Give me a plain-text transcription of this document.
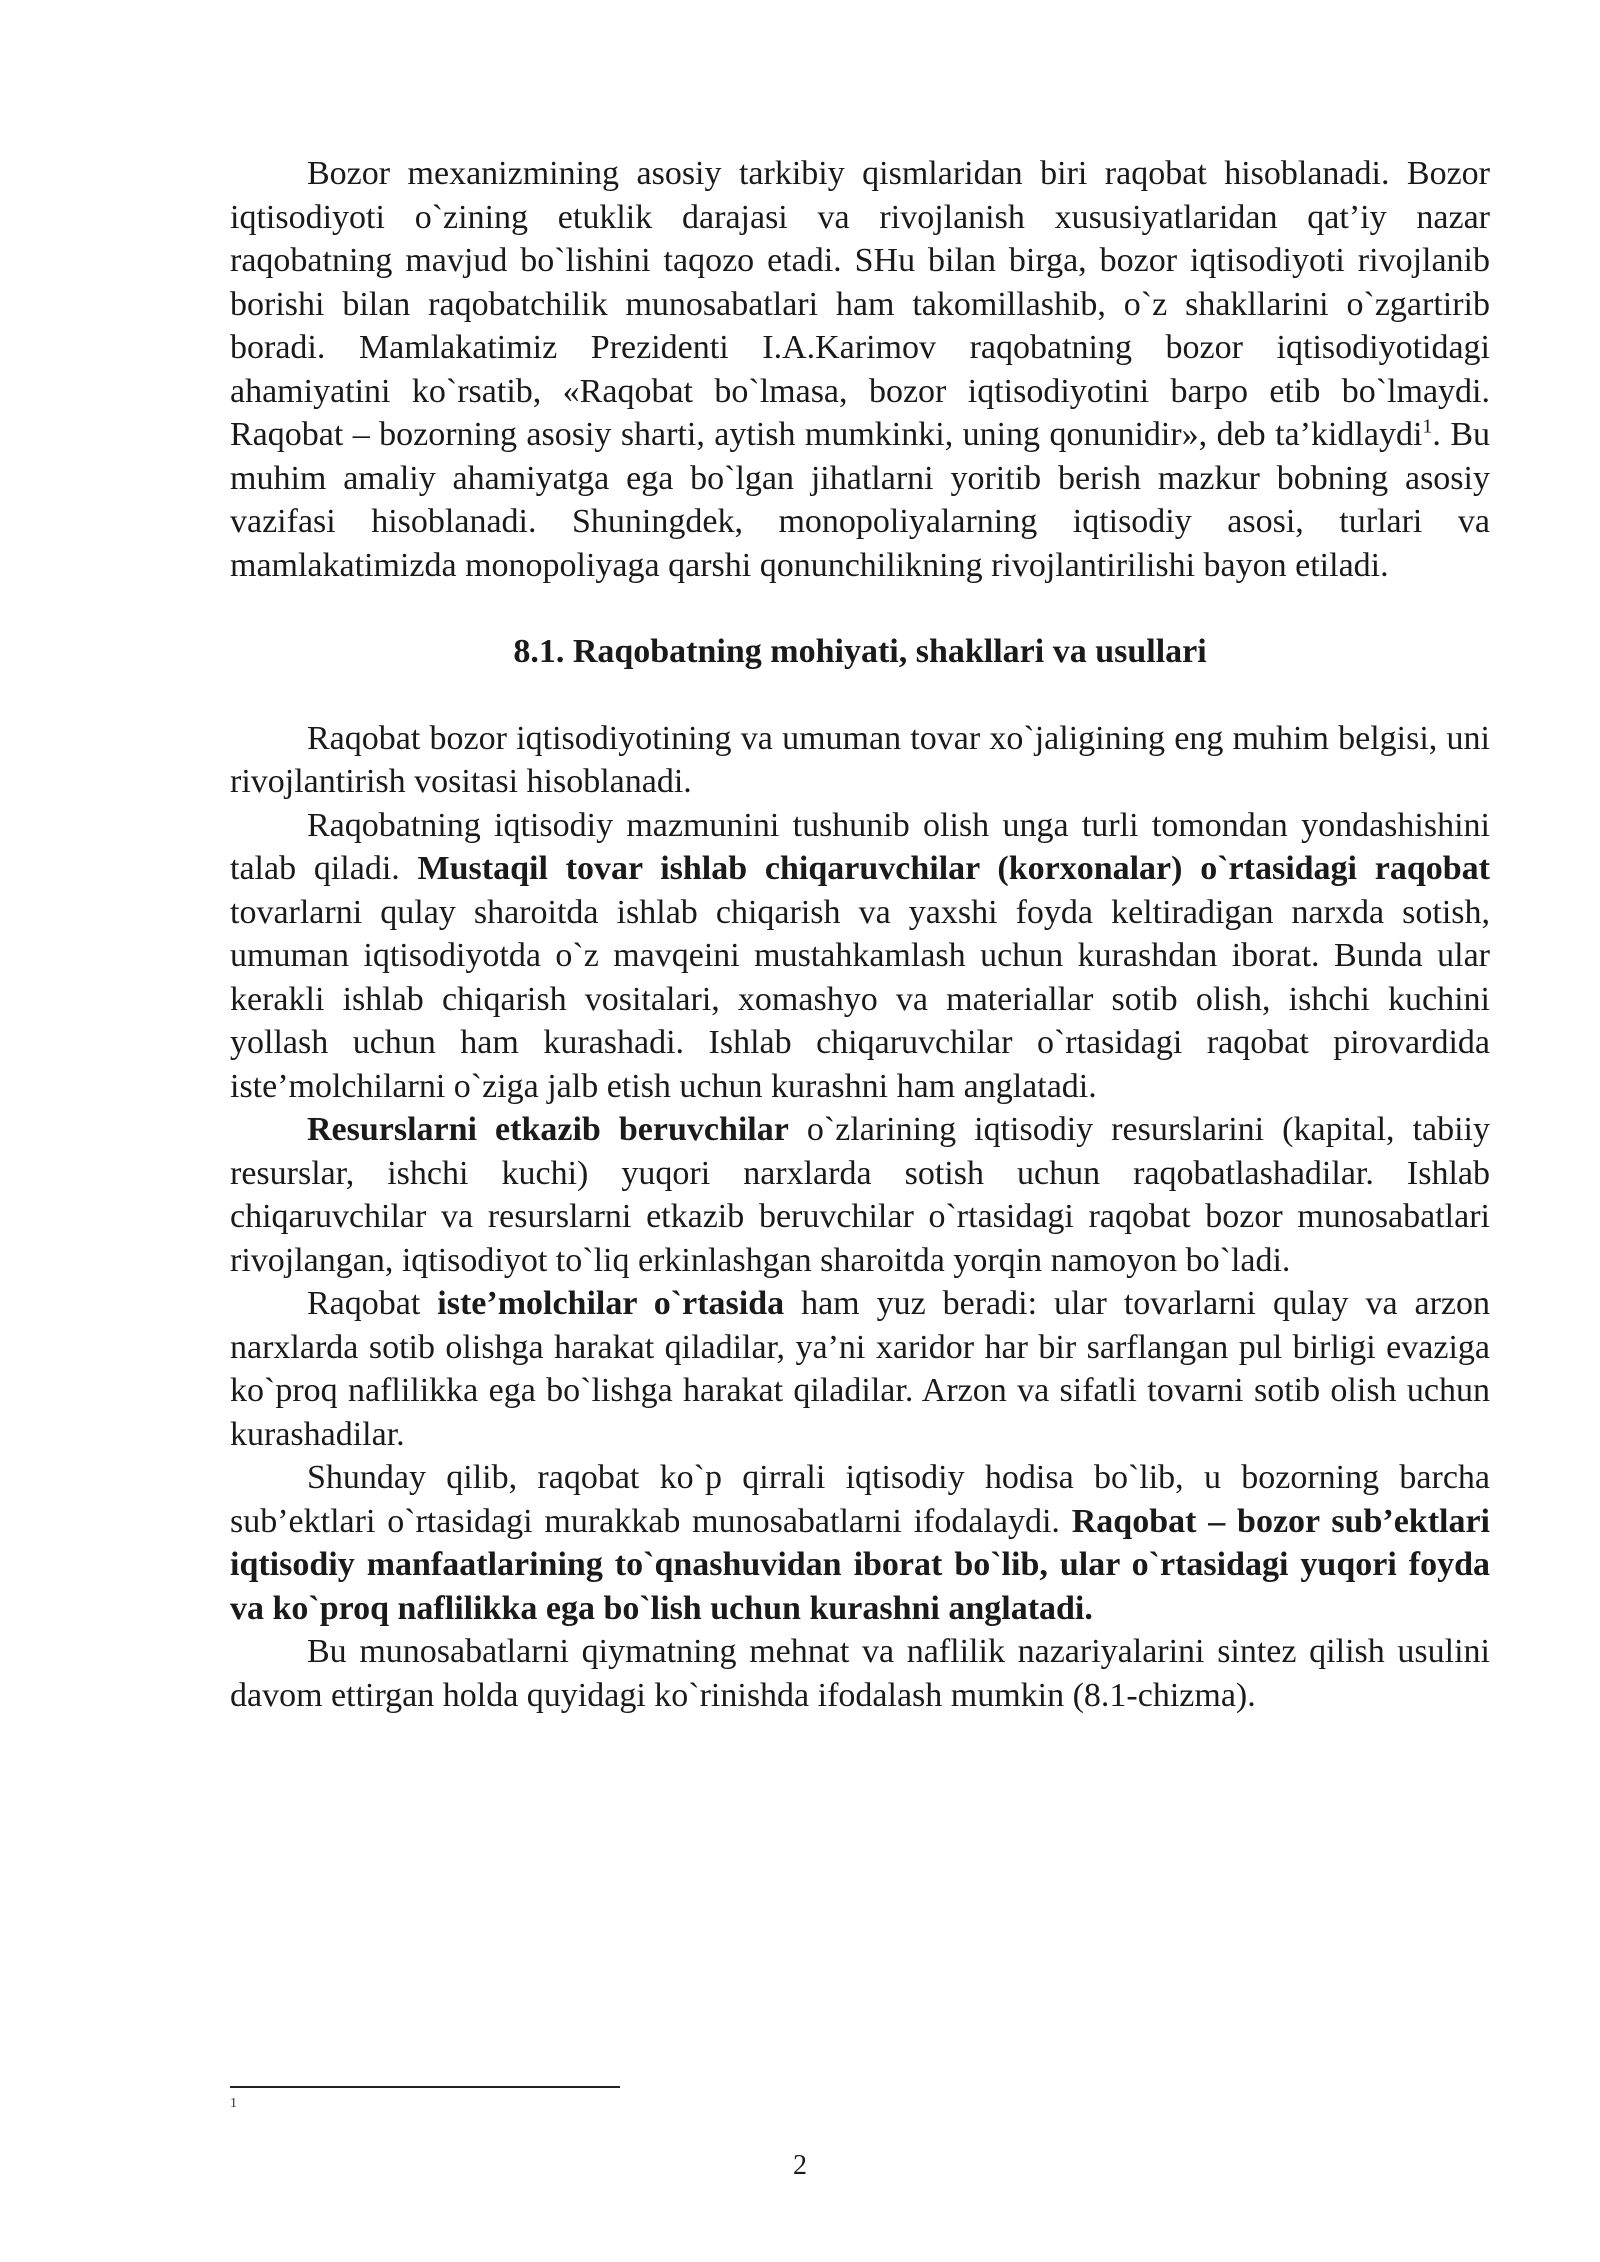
Bozor mexanizmining asosiy tarkibiy qismlaridan biri raqobat hisoblanadi. Bozor iqtisodiyoti o`zining etuklik darajasi va rivojlanish xususiyatlaridan qat’iy nazar raqobatning mavjud bo`lishini taqozo etadi. SHu bilan birga, bozor iqtisodiyoti rivojlanib borishi bilan raqobatchilik munosabatlari ham takomillashib, o`z shakllarini o`zgartirib boradi. Mamlakatimiz Prezidenti I.A.Karimov raqobatning bozor iqtisodiyotidagi ahamiyatini ko`rsatib, «Raqobat bo`lmasa, bozor iqtisodiyotini barpo etib bo`lmaydi. Raqobat – bozorning asosiy sharti, aytish mumkinki, uning qonunidir», deb ta’kidlaydi$^1$. Bu muhim amaliy ahamiyatga ega bo`lgan jihatlarni yoritib berish mazkur bobning asosiy vazifasi hisoblanadi. Shuningdek, monopoliyalarning iqtisodiy asosi, turlari va mamlakatimizda monopoliyaga qarshi qonunchilikning rivojlantirilishi bayon etiladi.

8.1. Raqobatning mohiyati, shakllari va usullari

Raqobat bozor iqtisodiyotining va umuman tovar xo`jaligining eng muhim belgisi, uni rivojlantirish vositasi hisoblanadi.

Raqobatning iqtisodiy mazmunini tushunib olish unga turli tomondan yondashishini talab qiladi. Mustaqil tovar ishlab chiqaruvchilar (korxonalar) o`rtasidagi raqobat tovarlarni qulay sharoitda ishlab chiqarish va yaxshi foyda keltiradigan narxda sotish, umuman iqtisodiyotda o`z mavqeini mustahkamlash uchun kurashdan iborat. Bunda ular kerakli ishlab chiqarish vositalari, xomashyo va materiallar sotib olish, ishchi kuchini yollash uchun ham kurashadi. Ishlab chiqaruvchilar o`rtasidagi raqobat pirovardida iste’molchilarni o`ziga jalb etish uchun kurashni ham anglatadi.

Resurslarni etkazib beruvchilar o`zlarining iqtisodiy resurslarini (kapital, tabiiy resurslar, ishchi kuchi) yuqori narxlarda sotish uchun raqobatlashadilar. Ishlab chiqaruvchilar va resurslarni etkazib beruvchilar o`rtasidagi raqobat bozor munosabatlari rivojlangan, iqtisodiyot to`liq erkinlashgan sharoitda yorqin namoyon bo`ladi.

Raqobat iste’molchilar o`rtasida ham yuz beradi: ular tovarlarni qulay va arzon narxlarda sotib olishga harakat qiladilar, ya’ni xaridor har bir sarflangan pul birligi evaziga ko`proq naflilikka ega bo`lishga harakat qiladilar. Arzon va sifatli tovarni sotib olish uchun kurashadilar.

Shunday qilib, raqobat ko`p qirrali iqtisodiy hodisa bo`lib, u bozorning barcha sub’ektlari o`rtasidagi murakkab munosabatlarni ifodalaydi. Raqobat – bozor sub’ektlari iqtisodiy manfaatlarining to`qnashuvidan iborat bo`lib, ular o`rtasidagi yuqori foyda va ko`proq naflilikka ega bo`lish uchun kurashni anglatadi.

Bu munosabatlarni qiymatning mehnat va naflilik nazariyalarini sintez qilish usulini davom ettirgan holda quyidagi ko`rinishda ifodalash mumkin (8.1-chizma).

1
2
